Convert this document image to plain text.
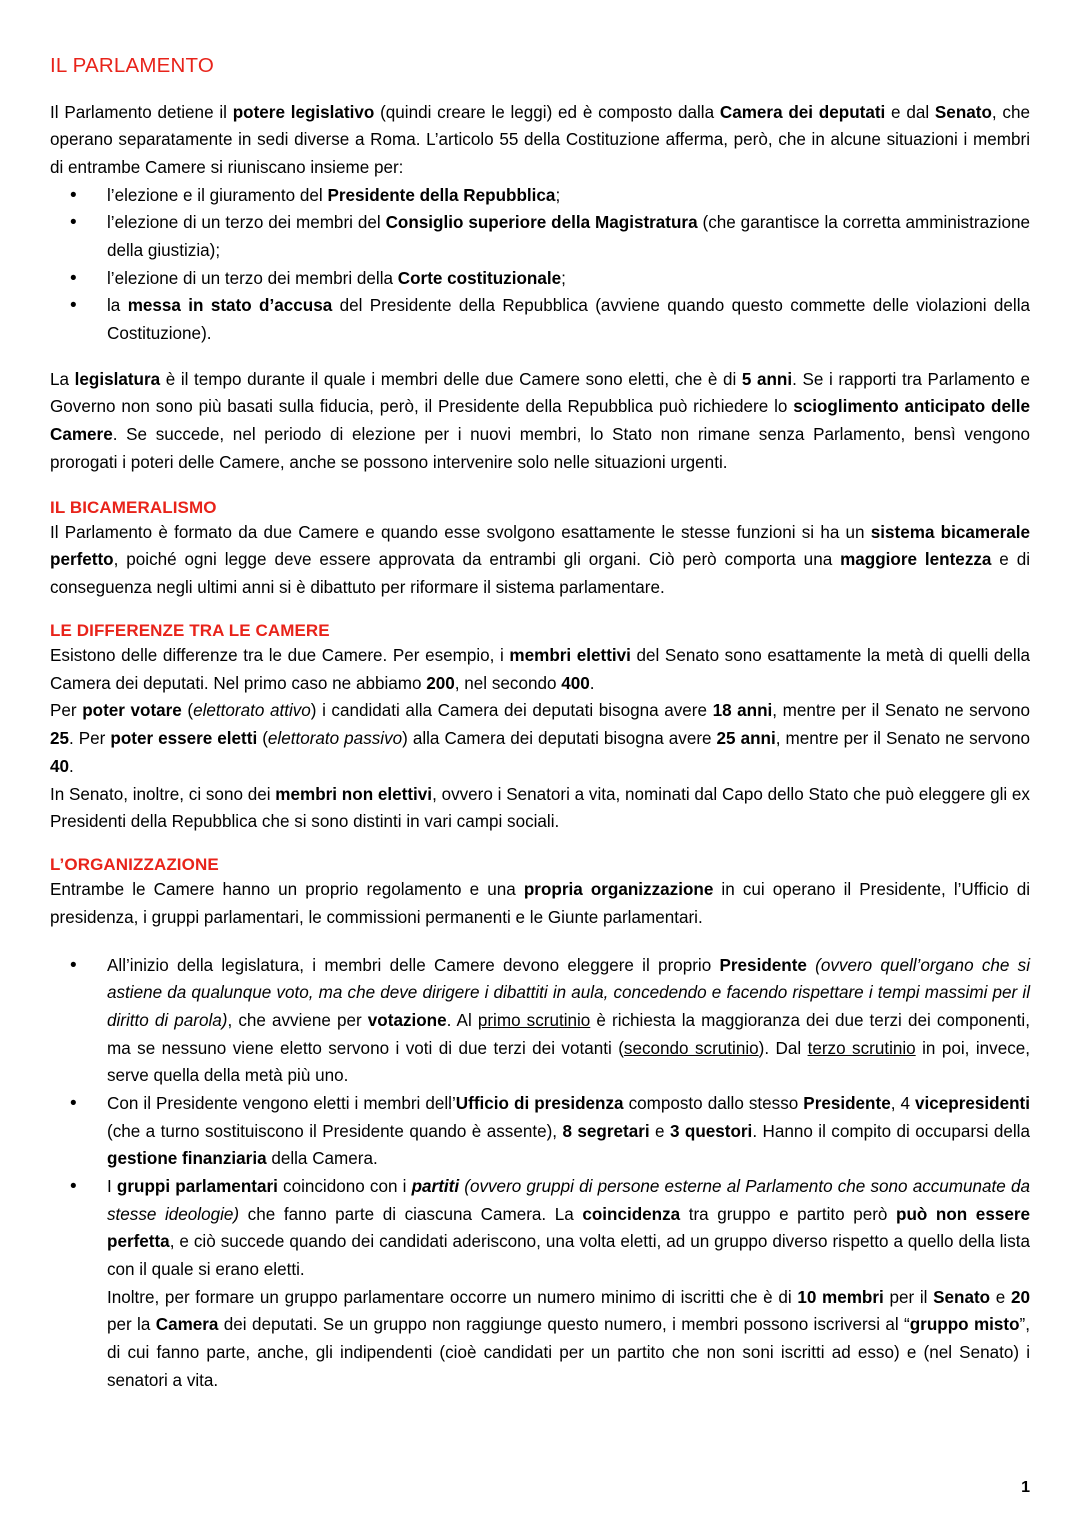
IL PARLAMENTO

Il Parlamento detiene il potere legislativo (quindi creare le leggi) ed è composto dalla Camera dei deputati e dal Senato, che operano separatamente in sedi diverse a Roma. L’articolo 55 della Costituzione afferma, però, che in alcune situazioni i membri di entrambe Camere si riuniscano insieme per:

• l’elezione e il giuramento del Presidente della Repubblica;
• l’elezione di un terzo dei membri del Consiglio superiore della Magistratura (che garantisce la corretta amministrazione della giustizia);
• l’elezione di un terzo dei membri della Corte costituzionale;
• la messa in stato d’accusa del Presidente della Repubblica (avviene quando questo commette delle violazioni della Costituzione).

La legislatura è il tempo durante il quale i membri delle due Camere sono eletti, che è di 5 anni. Se i rapporti tra Parlamento e Governo non sono più basati sulla fiducia, però, il Presidente della Repubblica può richiedere lo scioglimento anticipato delle Camere. Se succede, nel periodo di elezione per i nuovi membri, lo Stato non rimane senza Parlamento, bensì vengono prorogati i poteri delle Camere, anche se possono intervenire solo nelle situazioni urgenti.

IL BICAMERALISMO

Il Parlamento è formato da due Camere e quando esse svolgono esattamente le stesse funzioni si ha un sistema bicamerale perfetto, poiché ogni legge deve essere approvata da entrambi gli organi. Ciò però comporta una maggiore lentezza e di conseguenza negli ultimi anni si è dibattuto per riformare il sistema parlamentare.

LE DIFFERENZE TRA LE CAMERE

Esistono delle differenze tra le due Camere. Per esempio, i membri elettivi del Senato sono esattamente la metà di quelli della Camera dei deputati. Nel primo caso ne abbiamo 200, nel secondo 400.

Per poter votare (elettorato attivo) i candidati alla Camera dei deputati bisogna avere 18 anni, mentre per il Senato ne servono 25. Per poter essere eletti (elettorato passivo) alla Camera dei deputati bisogna avere 25 anni, mentre per il Senato ne servono 40.

In Senato, inoltre, ci sono dei membri non elettivi, ovvero i Senatori a vita, nominati dal Capo dello Stato che può eleggere gli ex Presidenti della Repubblica che si sono distinti in vari campi sociali.

L’ORGANIZZAZIONE

Entrambe le Camere hanno un proprio regolamento e una propria organizzazione in cui operano il Presidente, l’Ufficio di presidenza, i gruppi parlamentari, le commissioni permanenti e le Giunte parlamentari.

• All’inizio della legislatura, i membri delle Camere devono eleggere il proprio Presidente (ovvero quell’organo che si astiene da qualunque voto, ma che deve dirigere i dibattiti in aula, concedendo e facendo rispettare i tempi massimi per il diritto di parola), che avviene per votazione. Al primo scrutinio è richiesta la maggioranza dei due terzi dei componenti, ma se nessuno viene eletto servono i voti di due terzi dei votanti (secondo scrutinio). Dal terzo scrutinio in poi, invece, serve quella della metà più uno.
• Con il Presidente vengono eletti i membri dell’Ufficio di presidenza composto dallo stesso Presidente, 4 vicepresidenti (che a turno sostituiscono il Presidente quando è assente), 8 segretari e 3 questori. Hanno il compito di occuparsi della gestione finanziaria della Camera.
• I gruppi parlamentari coincidono con i partiti (ovvero gruppi di persone esterne al Parlamento che sono accumunate da stesse ideologie) che fanno parte di ciascuna Camera. La coincidenza tra gruppo e partito però può non essere perfetta, e ciò succede quando dei candidati aderiscono, una volta eletti, ad un gruppo diverso rispetto a quello della lista con il quale si erano eletti.
Inoltre, per formare un gruppo parlamentare occorre un numero minimo di iscritti che è di 10 membri per il Senato e 20 per la Camera dei deputati. Se un gruppo non raggiunge questo numero, i membri possono iscriversi al “gruppo misto”, di cui fanno parte, anche, gli indipendenti (cioè candidati per un partito che non soni iscritti ad esso) e (nel Senato) i senatori a vita.
1
